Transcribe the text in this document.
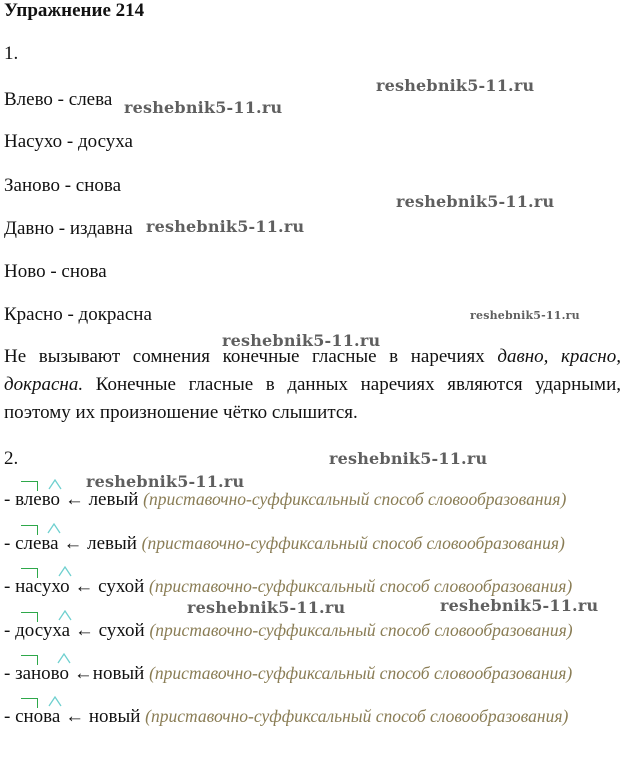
Упражнение 214
1.
Влево - слева
Насухо - досуха
Заново - снова
Давно - издавна
Ново - снова
Красно - докрасна
Не вызывают сомнения конечные гласные в наречиях давно, красно, докрасна. Конечные гласные в данных наречиях являются ударными, поэтому их произношение чётко слышится.
2.
- влево
← левый (приставочно-суффиксальный способ словообразования)
- слева
← левый (приставочно-суффиксальный способ словообразования)
- насухо
← сухой (приставочно-суффиксальный способ словообразования)
- досуха
← сухой (приставочно-суффиксальный способ словообразования)
- заново
←новый (приставочно-суффиксальный способ словообразования)
- снова
← новый (приставочно-суффиксальный способ словообразования)
reshebnik5-11.ru
reshebnik5-11.ru
reshebnik5-11.ru
reshebnik5-11.ru
reshebnik5-11.ru
reshebnik5-11.ru
reshebnik5-11.ru
reshebnik5-11.ru
reshebnik5-11.ru	reshebnik5-11.ru
